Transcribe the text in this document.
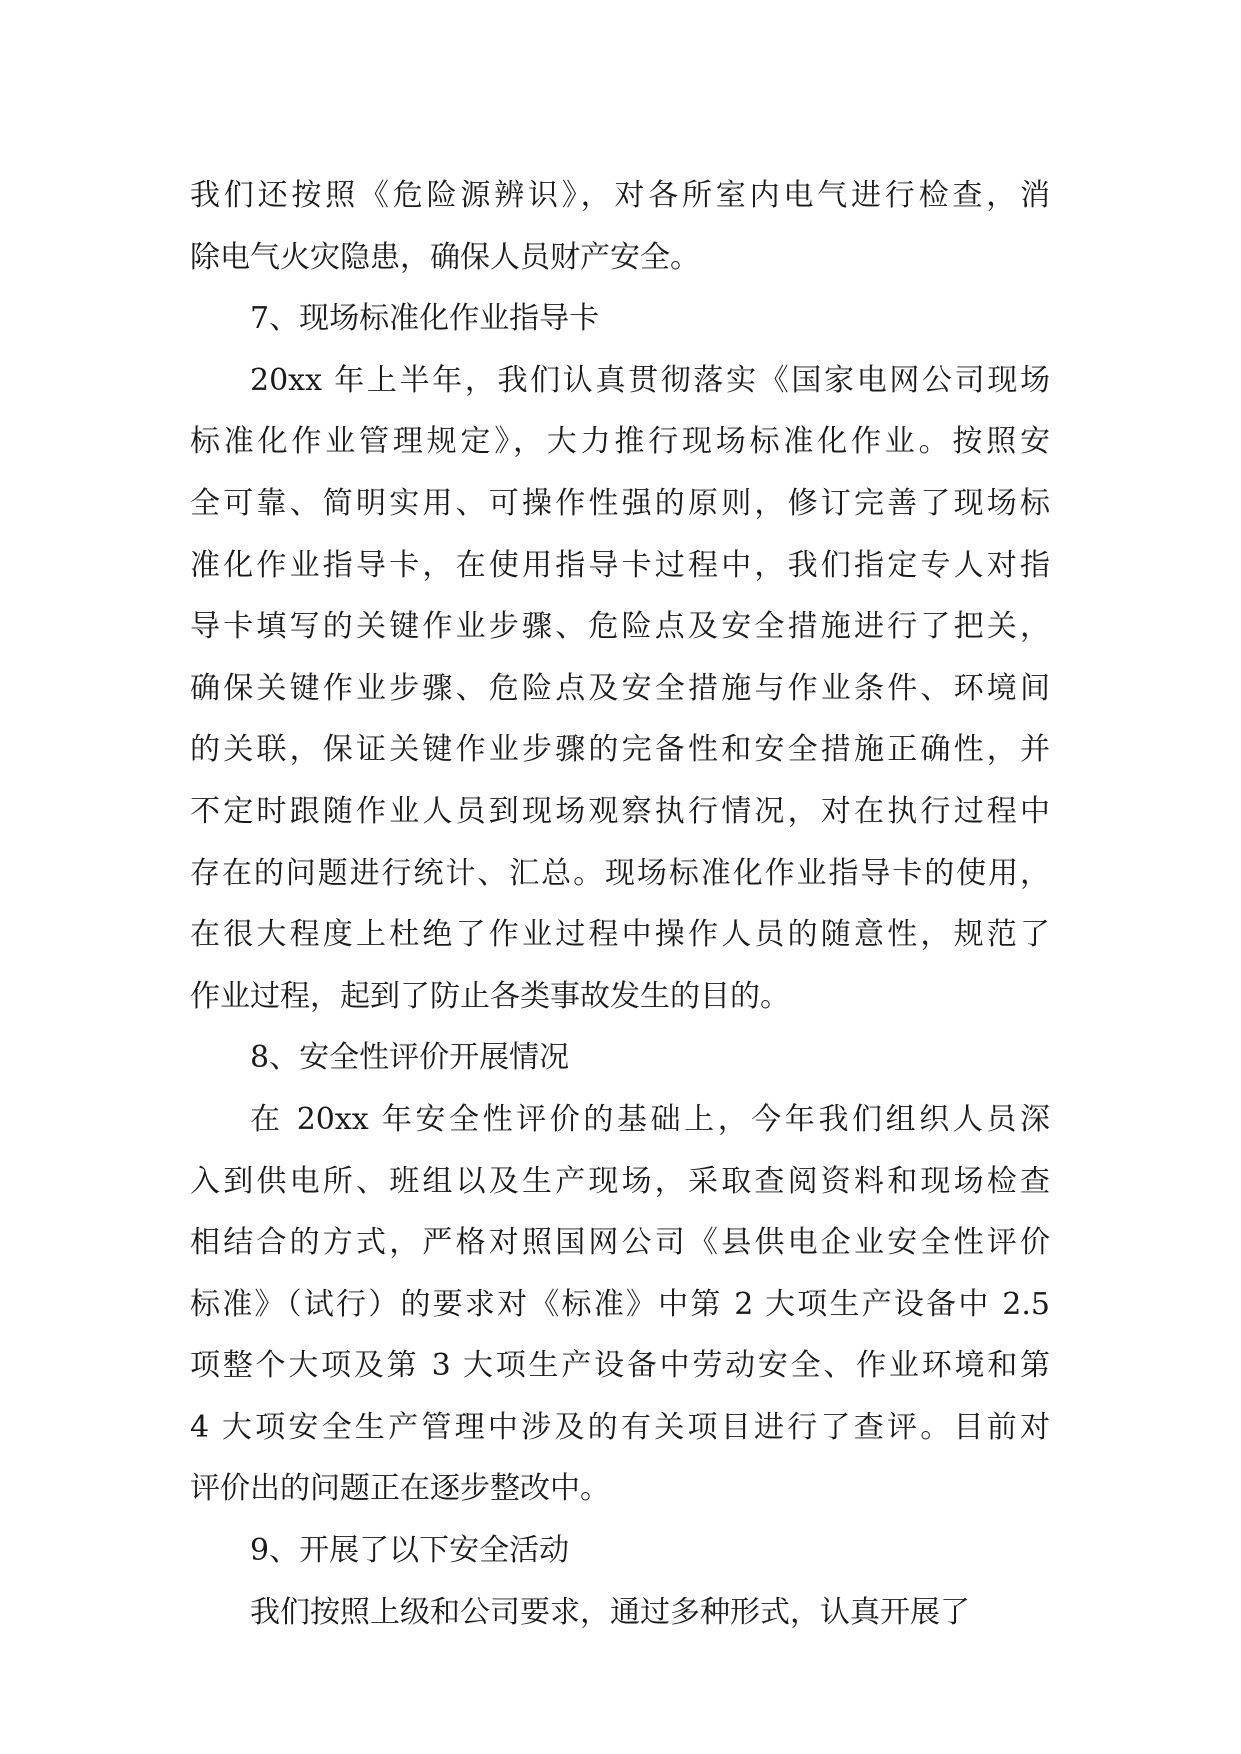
我们还按照《危险源辨识》，对各所室内电气进行检查，消
除电气火灾隐患，确保人员财产安全。
7、现场标准化作业指导卡
20xx 年上半年，我们认真贯彻落实《国家电网公司现场
标准化作业管理规定》，大力推行现场标准化作业。按照安
全可靠、简明实用、可操作性强的原则，修订完善了现场标
准化作业指导卡，在使用指导卡过程中，我们指定专人对指
导卡填写的关键作业步骤、危险点及安全措施进行了把关，
确保关键作业步骤、危险点及安全措施与作业条件、环境间
的关联，保证关键作业步骤的完备性和安全措施正确性，并
不定时跟随作业人员到现场观察执行情况，对在执行过程中
存在的问题进行统计、汇总。现场标准化作业指导卡的使用，
在很大程度上杜绝了作业过程中操作人员的随意性，规范了
作业过程，起到了防止各类事故发生的目的。
8、安全性评价开展情况
在 20xx 年安全性评价的基础上，今年我们组织人员深
入到供电所、班组以及生产现场，采取查阅资料和现场检查
相结合的方式，严格对照国网公司《县供电企业安全性评价
标准》（试行）的要求对《标准》中第 2 大项生产设备中 2.5
项整个大项及第 3 大项生产设备中劳动安全、作业环境和第
4 大项安全生产管理中涉及的有关项目进行了查评。目前对
评价出的问题正在逐步整改中。
9、开展了以下安全活动
我们按照上级和公司要求，通过多种形式，认真开展了
